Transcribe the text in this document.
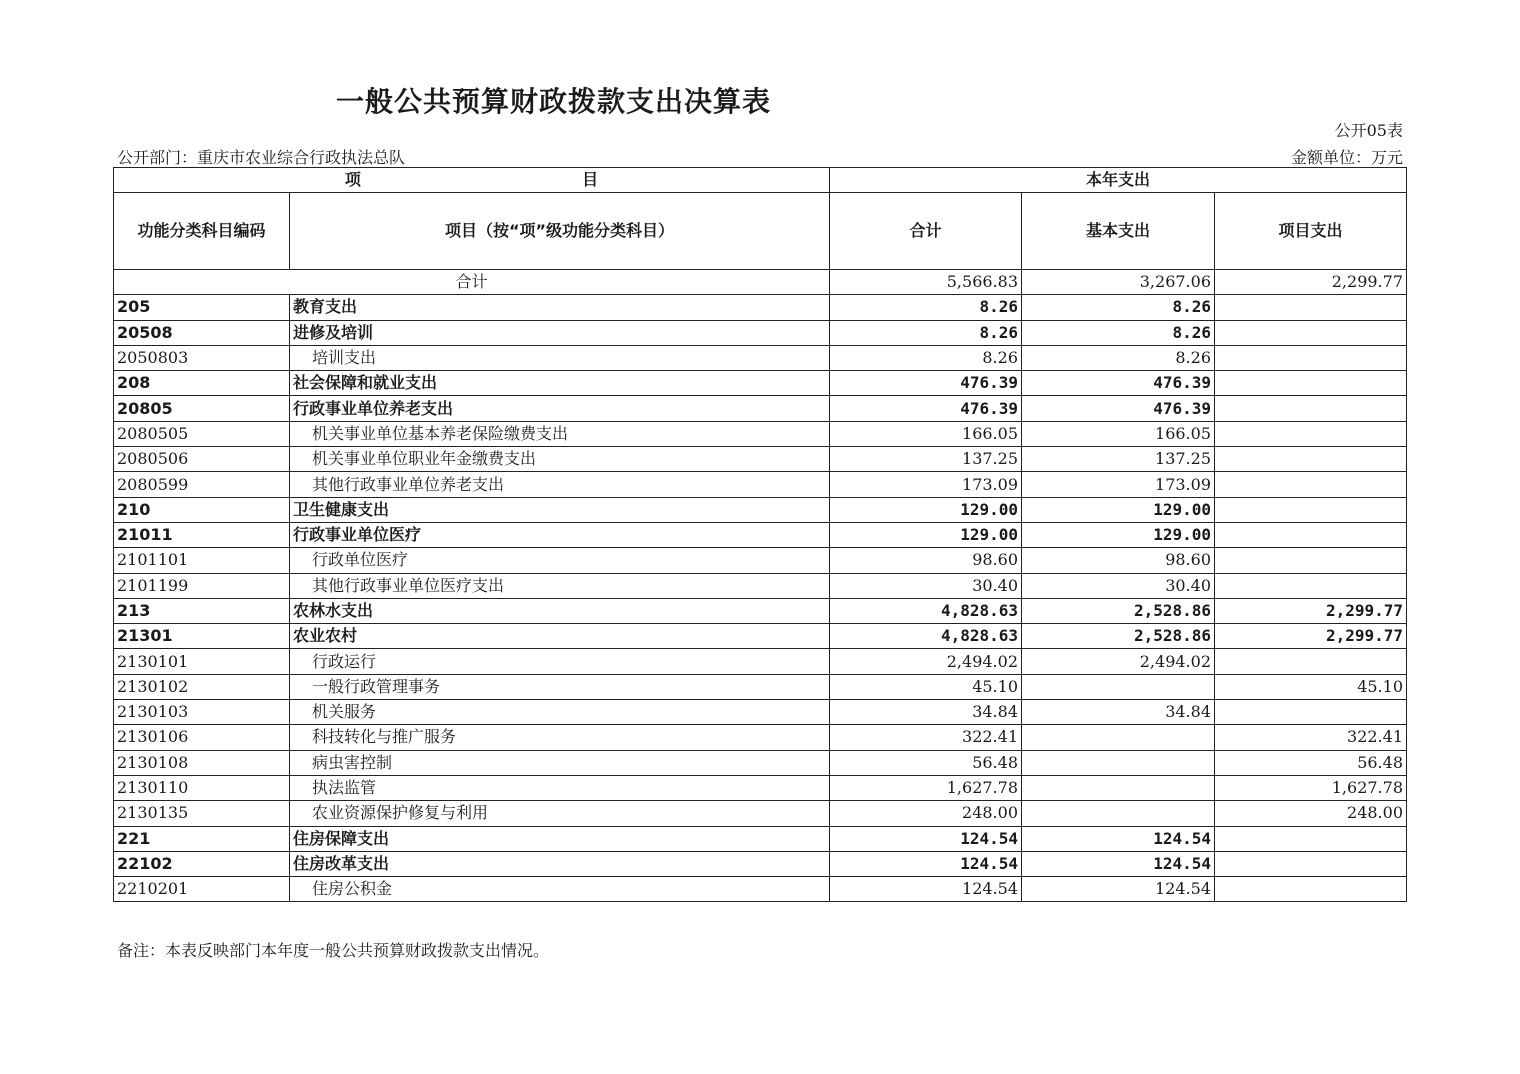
一般公共预算财政拨款支出决算表
公开05表
公开部门：重庆市农业综合行政执法总队	金额单位：万元
项 目		本年支出		
功能分类科目编码	项目（按“项”级功能分类科目）	合计	基本支出	项目支出
合计		5,566.83	3,267.06	2,299.77
205	教育支出	8.26	8.26	
20508	进修及培训	8.26	8.26	
2050803	培训支出	8.26	8.26	
208	社会保障和就业支出	476.39	476.39	
20805	行政事业单位养老支出	476.39	476.39	
2080505	机关事业单位基本养老保险缴费支出	166.05	166.05	
2080506	机关事业单位职业年金缴费支出	137.25	137.25	
2080599	其他行政事业单位养老支出	173.09	173.09	
210	卫生健康支出	129.00	129.00	
21011	行政事业单位医疗	129.00	129.00	
2101101	行政单位医疗	98.60	98.60	
2101199	其他行政事业单位医疗支出	30.40	30.40	
213	农林水支出	4,828.63	2,528.86	2,299.77
21301	农业农村	4,828.63	2,528.86	2,299.77
2130101	行政运行	2,494.02	2,494.02	
2130102	一般行政管理事务	45.10		45.10
2130103	机关服务	34.84	34.84	
2130106	科技转化与推广服务	322.41		322.41
2130108	病虫害控制	56.48		56.48
2130110	执法监管	1,627.78		1,627.78
2130135	农业资源保护修复与利用	248.00		248.00
221	住房保障支出	124.54	124.54	
22102	住房改革支出	124.54	124.54	
2210201	住房公积金	124.54	124.54	
备注：本表反映部门本年度一般公共预算财政拨款支出情况。
